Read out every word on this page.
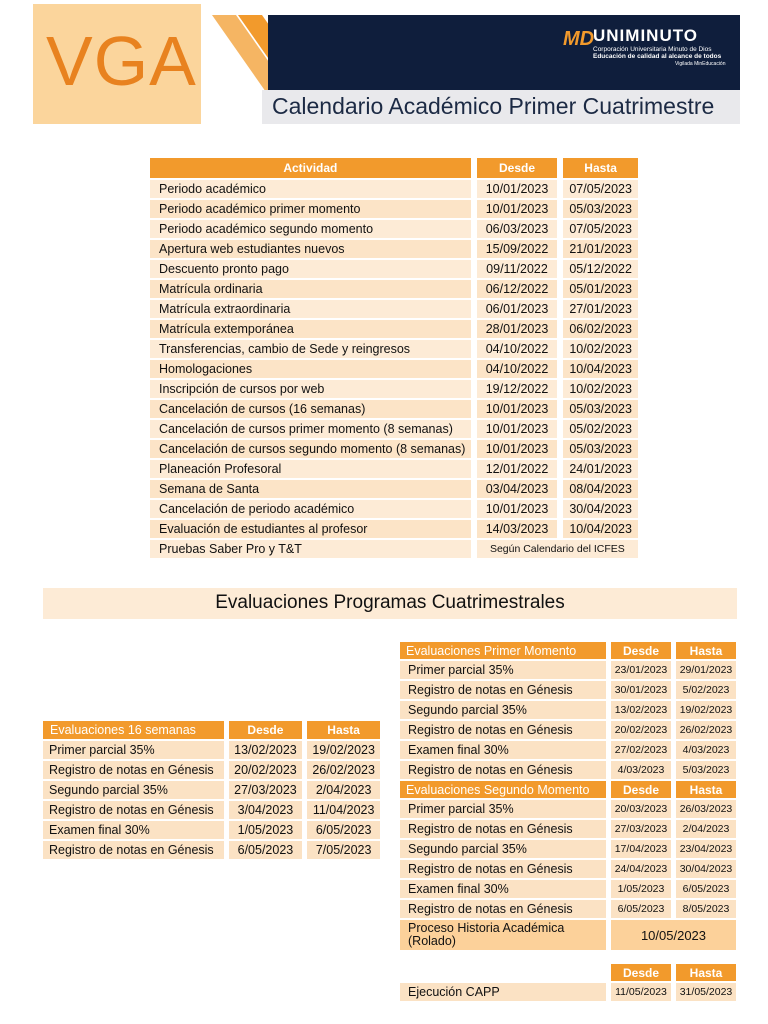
VGA	MD
UNIMINUTO
Corporación Universitaria Minuto de Dios
Educación de calidad al alcance de todos
Vigilada MinEducación
Calendario Académico Primer Cuatrimestre
Actividad	Desde	Hasta
Periodo académico	10/01/2023	07/05/2023
Periodo académico primer momento	10/01/2023	05/03/2023
Periodo académico segundo momento	06/03/2023	07/05/2023
Apertura web estudiantes nuevos	15/09/2022	21/01/2023
Descuento pronto pago	09/11/2022	05/12/2022
Matrícula ordinaria	06/12/2022	05/01/2023
Matrícula extraordinaria	06/01/2023	27/01/2023
Matrícula extemporánea	28/01/2023	06/02/2023
Transferencias, cambio de Sede y reingresos	04/10/2022	10/02/2023
Homologaciones	04/10/2022	10/04/2023
Inscripción de cursos por web	19/12/2022	10/02/2023
Cancelación de cursos (16 semanas)	10/01/2023	05/03/2023
Cancelación de cursos primer momento (8 semanas)	10/01/2023	05/02/2023
Cancelación de cursos segundo momento (8 semanas)	10/01/2023	05/03/2023
Planeación Profesoral	12/01/2022	24/01/2023
Semana de Santa	03/04/2023	08/04/2023
Cancelación de periodo académico	10/01/2023	30/04/2023
Evaluación de estudiantes al profesor	14/03/2023	10/04/2023
Pruebas Saber Pro y T&T	Según Calendario del ICFES	
Evaluaciones Programas Cuatrimestrales
Evaluaciones 16 semanas	Desde	Hasta
Primer parcial 35%	13/02/2023	19/02/2023
Registro de notas en Génesis	20/02/2023	26/02/2023
Segundo parcial 35%	27/03/2023	2/04/2023
Registro de notas en Génesis	3/04/2023	11/04/2023
Examen final 30%	1/05/2023	6/05/2023
Registro de notas en Génesis	6/05/2023	7/05/2023
Evaluaciones Primer Momento	Desde	Hasta
Primer parcial 35%	23/01/2023	29/01/2023
Registro de notas en Génesis	30/01/2023	5/02/2023
Segundo parcial 35%	13/02/2023	19/02/2023
Registro de notas en Génesis	20/02/2023	26/02/2023
Examen final 30%	27/02/2023	4/03/2023
Registro de notas en Génesis	4/03/2023	5/03/2023
Evaluaciones Segundo Momento	Desde	Hasta
Primer parcial 35%	20/03/2023	26/03/2023
Registro de notas en Génesis	27/03/2023	2/04/2023
Segundo parcial 35%	17/04/2023	23/04/2023
Registro de notas en Génesis	24/04/2023	30/04/2023
Examen final 30%	1/05/2023	6/05/2023
Registro de notas en Génesis	6/05/2023	8/05/2023
Proceso Historia Académica
(Rolado)	10/05/2023	

	Desde	Hasta
Ejecución CAPP	11/05/2023	31/05/2023
